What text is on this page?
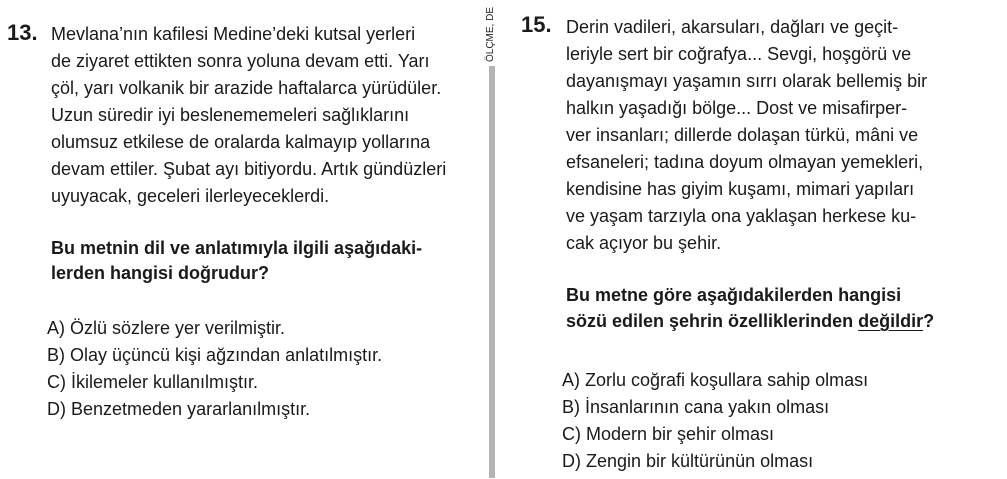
13. Mevlana’nın kafilesi Medine’deki kutsal yerleri
de ziyaret ettikten sonra yoluna devam etti. Yarı
çöl, yarı volkanik bir arazide haftalarca yürüdüler.
Uzun süredir iyi beslenememeleri sağlıklarını
olumsuz etkilese de oralarda kalmayıp yollarına
devam ettiler. Şubat ayı bitiyordu. Artık gündüzleri
uyuyacak, geceleri ilerleyeceklerdi.
Bu metnin dil ve anlatımıyla ilgili aşağıdaki-
lerden hangisi doğrudur?
A) Özlü sözlere yer verilmiştir.
B) Olay üçüncü kişi ağzından anlatılmıştır.
C) İkilemeler kullanılmıştır.
D) Benzetmeden yararlanılmıştır.
ÖLÇME, DE 15. Derin vadileri, akarsuları, dağları ve geçit-
leriyle sert bir coğrafya... Sevgi, hoşgörü ve
dayanışmayı yaşamın sırrı olarak bellemiş bir
halkın yaşadığı bölge... Dost ve misafirper-
ver insanları; dillerde dolaşan türkü, mâni ve
efsaneleri; tadına doyum olmayan yemekleri,
kendisine has giyim kuşamı, mimari yapıları
ve yaşam tarzıyla ona yaklaşan herkese ku-
cak açıyor bu şehir.
Bu metne göre aşağıdakilerden hangisi
sözü edilen şehrin özelliklerinden değildir?
A) Zorlu coğrafi koşullara sahip olması
B) İnsanlarının cana yakın olması
C) Modern bir şehir olması
D) Zengin bir kültürünün olması
